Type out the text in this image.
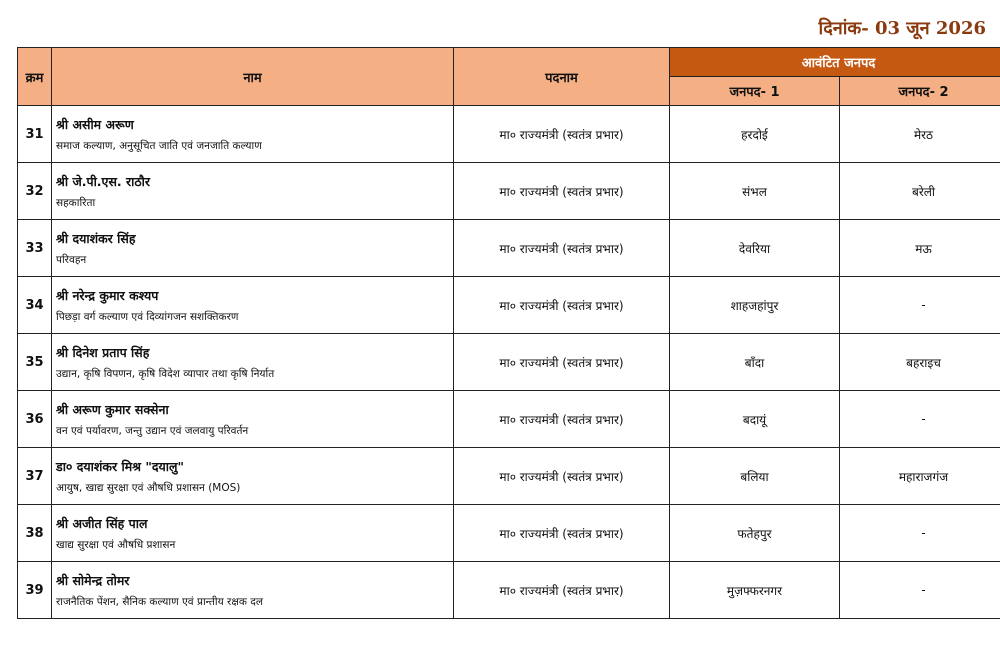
दिनांक- 03 जून 2026
क्रम	नाम	पदनाम	आवंटित जनपद	
			जनपद- 1	जनपद- 2
31	श्री असीम अरूण
समाज कल्याण, अनुसूचित जाति एवं जनजाति कल्याण	मा० राज्यमंत्री (स्वतंत्र प्रभार)	हरदोई	मेरठ
32	श्री जे.पी.एस. राठौर
सहकारिता	मा० राज्यमंत्री (स्वतंत्र प्रभार)	संभल	बरेली
33	श्री दयाशंकर सिंह
परिवहन	मा० राज्यमंत्री (स्वतंत्र प्रभार)	देवरिया	मऊ
34	श्री नरेन्द्र कुमार कश्यप
पिछड़ा वर्ग कल्याण एवं दिव्यांगजन सशक्तिकरण	मा० राज्यमंत्री (स्वतंत्र प्रभार)	शाहजहांपुर	-
35	श्री दिनेश प्रताप सिंह
उद्यान, कृषि विपणन, कृषि विदेश व्यापार तथा कृषि निर्यात	मा० राज्यमंत्री (स्वतंत्र प्रभार)	बाँदा	बहराइच
36	श्री अरूण कुमार सक्सेना
वन एवं पर्यावरण, जन्तु उद्यान एवं जलवायु परिवर्तन	मा० राज्यमंत्री (स्वतंत्र प्रभार)	बदायूं	-
37	डा० दयाशंकर मिश्र "दयालु"
आयुष, खाद्य सुरक्षा एवं औषधि प्रशासन (MOS)	मा० राज्यमंत्री (स्वतंत्र प्रभार)	बलिया	महाराजगंज
38	श्री अजीत सिंह पाल
खाद्य सुरक्षा एवं औषधि प्रशासन	मा० राज्यमंत्री (स्वतंत्र प्रभार)	फतेहपुर	-
39	श्री सोमेन्द्र तोमर
राजनैतिक पेंशन, सैनिक कल्याण एवं प्रान्तीय रक्षक दल	मा० राज्यमंत्री (स्वतंत्र प्रभार)	मुज़फ्फरनगर	-
